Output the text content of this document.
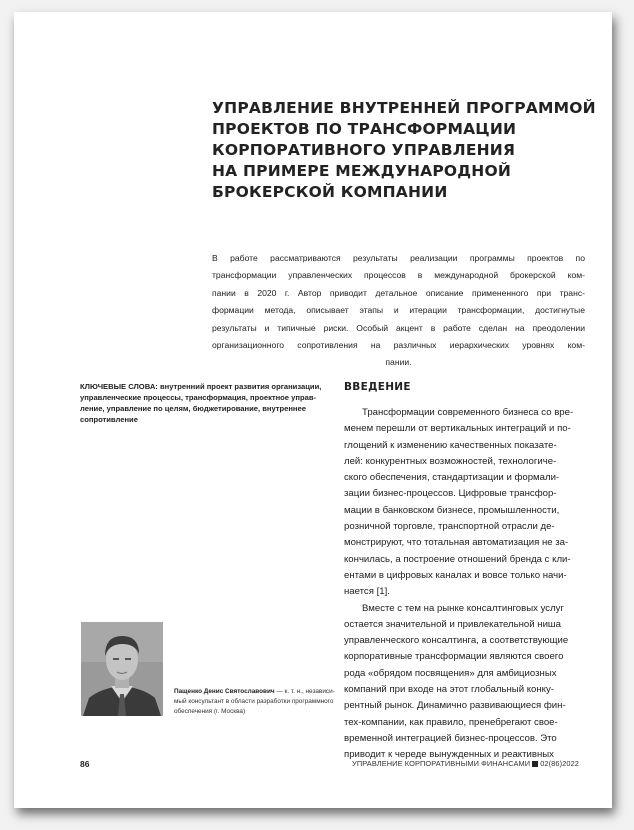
УПРАВЛЕНИЕ ВНУТРЕННЕЙ ПРОГРАММОЙ
ПРОЕКТОВ ПО ТРАНСФОРМАЦИИ
КОРПОРАТИВНОГО УПРАВЛЕНИЯ
НА ПРИМЕРЕ МЕЖДУНАРОДНОЙ
БРОКЕРСКОЙ КОМПАНИИ
В работе рассматриваются результаты реализации программы проектов по
трансформации управленческих процессов в международной брокерской ком-
пании в 2020 г. Автор приводит детальное описание примененного при транс-
формации метода, описывает этапы и итерации трансформации, достигнутые
результаты и типичные риски. Особый акцент в работе сделан на преодолении
организационного сопротивления на различных иерархических уровнях ком-
пании.
КЛЮЧЕВЫЕ СЛОВА: внутренний проект развития организации,
управленческие процессы, трансформация, проектное управ-
ление, управление по целям, бюджетирование, внутреннее
сопротивление
ВВЕДЕНИЕ
Трансформации современного бизнеса со вре-
менем перешли от вертикальных интеграций и по-
глощений к изменению качественных показате-
лей: конкурентных возможностей, технологиче-
ского обеспечения, стандартизации и формали-
зации бизнес-процессов. Цифровые трансфор-
мации в банковском бизнесе, промышленности,
розничной торговле, транспортной отрасли де-
монстрируют, что тотальная автоматизация не за-
кончилась, а построение отношений бренда с кли-
ентами в цифровых каналах и вовсе только начи-
нается [1].
Вместе с тем на рынке консалтинговых услуг
остается значительной и привлекательной ниша
управленческого консалтинга, а соответствующие
корпоративные трансформации являются своего
рода «обрядом посвящения» для амбициозных
компаний при входе на этот глобальный конку-
рентный рынок. Динамично развивающиеся фин-
тех-компании, как правило, пренебрегают свое-
временной интеграцией бизнес-процессов. Это
приводит к череде вынужденных и реактивных
Пащенко Денис Святославович — к. т. н., независи-
мый консультант в области разработки программного
обеспечения (г. Москва)
86	УПРАВЛЕНИЕ КОРПОРАТИВНЫМИ ФИНАНСАМИ 02(86)2022
